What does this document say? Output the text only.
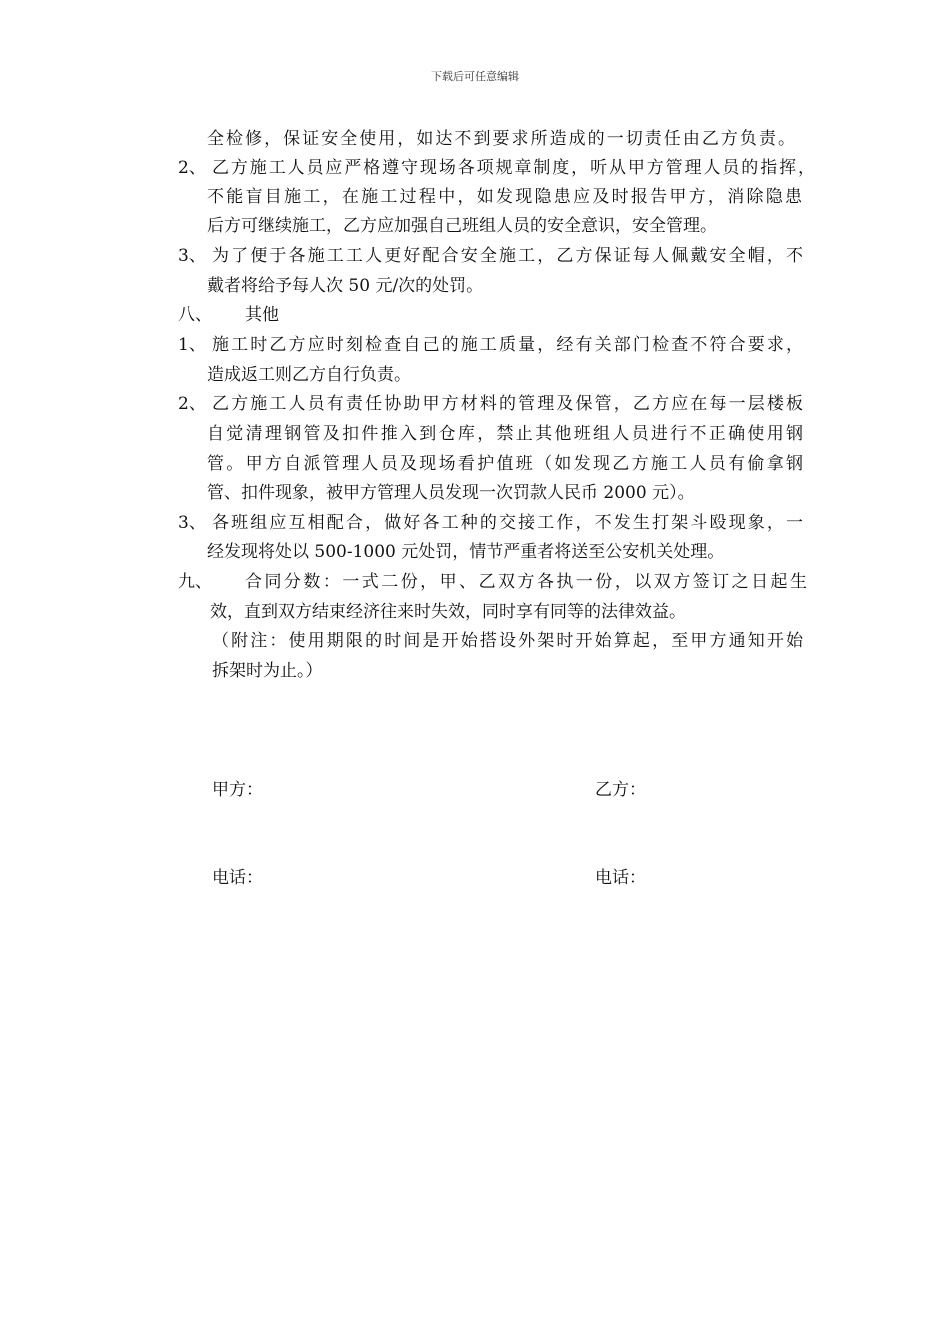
下载后可任意编辑
全检修，保证安全使用，如达不到要求所造成的一切责任由乙方负责。
2、 乙方施工人员应严格遵守现场各项规章制度，听从甲方管理人员的指挥，
不能盲目施工，在施工过程中，如发现隐患应及时报告甲方，消除隐患
后方可继续施工，乙方应加强自己班组人员的安全意识，安全管理。
3、 为了便于各施工工人更好配合安全施工，乙方保证每人佩戴安全帽，不
戴者将给予每人次 50 元/次的处罚。
八、 其他
1、 施工时乙方应时刻检查自己的施工质量，经有关部门检查不符合要求，
造成返工则乙方自行负责。
2、 乙方施工人员有责任协助甲方材料的管理及保管，乙方应在每一层楼板
自觉清理钢管及扣件推入到仓库，禁止其他班组人员进行不正确使用钢
管。甲方自派管理人员及现场看护值班（如发现乙方施工人员有偷拿钢
管、扣件现象，被甲方管理人员发现一次罚款人民币 2000 元）。
3、 各班组应互相配合，做好各工种的交接工作，不发生打架斗殴现象，一
经发现将处以 500-1000 元处罚，情节严重者将送至公安机关处理。
九、 合同分数：一式二份，甲、乙双方各执一份，以双方签订之日起生
效，直到双方结束经济往来时失效，同时享有同等的法律效益。
（附注：使用期限的时间是开始搭设外架时开始算起，至甲方通知开始
拆架时为止。）
甲方：	乙方：
电话：	电话：
